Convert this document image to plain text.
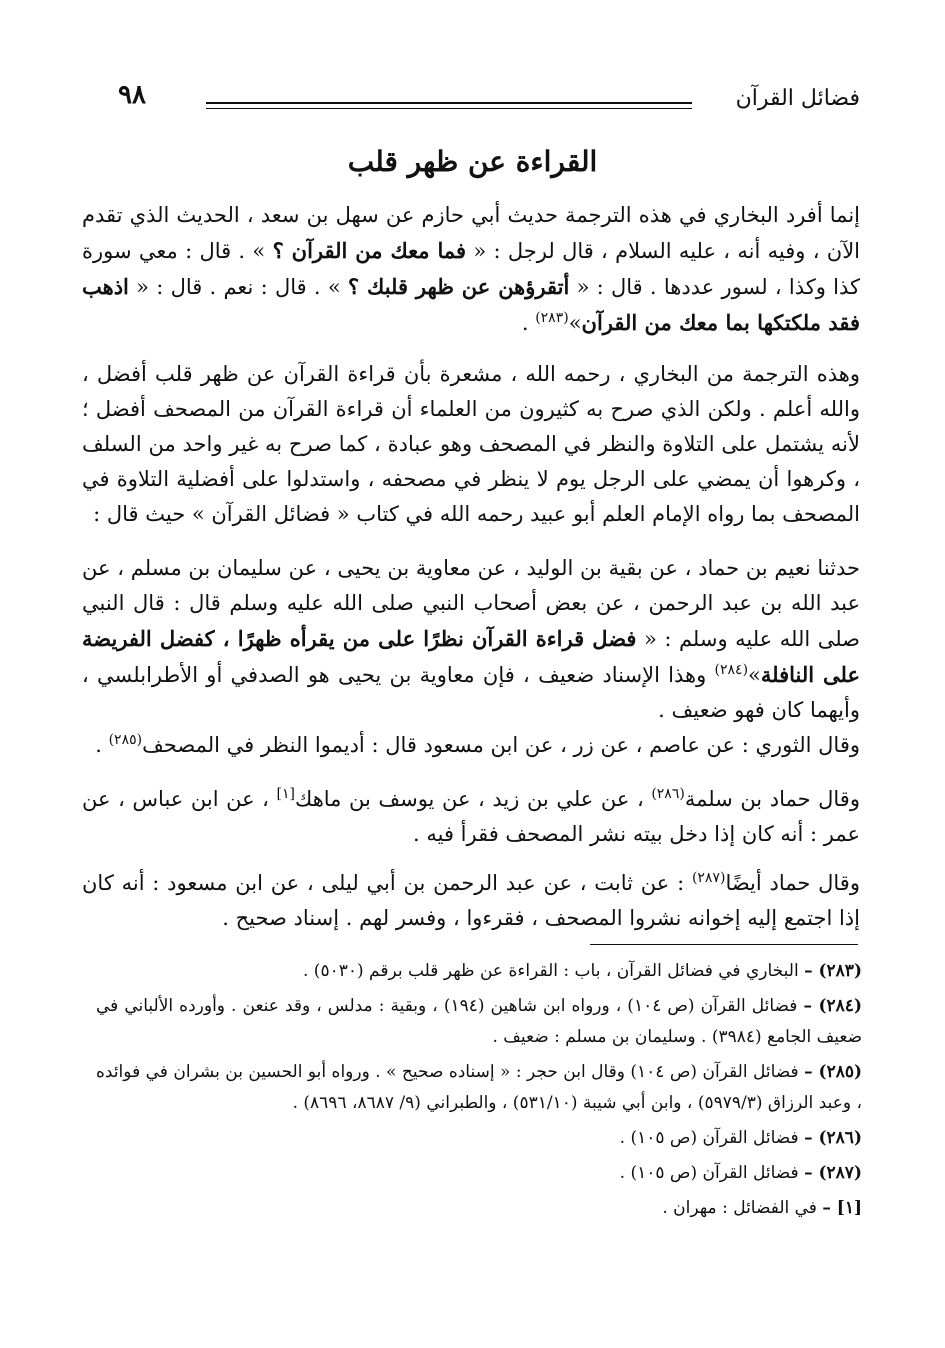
٩٨	فضائل القرآن
القراءة عن ظهر قلب
إنما أفرد البخاري في هذه الترجمة حديث أبي حازم عن سهل بن سعد ، الحديث الذي تقدم الآن ، وفيه أنه ، عليه السلام ، قال لرجل : « فما معك من القرآن ؟ » . قال : معي سورة كذا وكذا ، لسور عددها . قال : « أتقرؤهن عن ظهر قلبك ؟ » . قال : نعم . قال : « اذهب فقد ملكتكها بما معك من القرآن»$^{(٢٨٣)}$ .
وهذه الترجمة من البخاري ، رحمه الله ، مشعرة بأن قراءة القرآن عن ظهر قلب أفضل ، والله أعلم . ولكن الذي صرح به كثيرون من العلماء أن قراءة القرآن من المصحف أفضل ؛ لأنه يشتمل على التلاوة والنظر في المصحف وهو عبادة ، كما صرح به غير واحد من السلف ، وكرهوا أن يمضي على الرجل يوم لا ينظر في مصحفه ، واستدلوا على أفضلية التلاوة في المصحف بما رواه الإمام العلم أبو عبيد رحمه الله في كتاب « فضائل القرآن » حيث قال :
حدثنا نعيم بن حماد ، عن بقية بن الوليد ، عن معاوية بن يحيى ، عن سليمان بن مسلم ، عن عبد الله بن عبد الرحمن ، عن بعض أصحاب النبي صلى الله عليه وسلم قال : قال النبي صلى الله عليه وسلم : « فضل قراءة القرآن نظرًا على من يقرأه ظهرًا ، كفضل الفريضة على النافلة»$^{(٢٨٤)}$ وهذا الإسناد ضعيف ، فإن معاوية بن يحيى هو الصدفي أو الأطرابلسي ، وأيهما كان فهو ضعيف .
وقال الثوري : عن عاصم ، عن زر ، عن ابن مسعود قال : أديموا النظر في المصحف$^{(٢٨٥)}$ .
وقال حماد بن سلمة$^{(٢٨٦)}$ ، عن علي بن زيد ، عن يوسف بن ماهك[١] ، عن ابن عباس ، عن عمر : أنه كان إذا دخل بيته نشر المصحف فقرأ فيه .
وقال حماد أيضًا$^{(٢٨٧)}$ : عن ثابت ، عن عبد الرحمن بن أبي ليلى ، عن ابن مسعود : أنه كان إذا اجتمع إليه إخوانه نشروا المصحف ، فقرءوا ، وفسر لهم . إسناد صحيح .

(٢٨٣) – البخاري في فضائل القرآن ، باب : القراءة عن ظهر قلب برقم (٥٠٣٠) .

(٢٨٤) – فضائل القرآن (ص ١٠٤) ، ورواه ابن شاهين (١٩٤) ، وبقية : مدلس ، وقد عنعن . وأورده الألباني في ضعيف الجامع (٣٩٨٤) . وسليمان بن مسلم : ضعيف .

(٢٨٥) – فضائل القرآن (ص ١٠٤) وقال ابن حجر : « إسناده صحيح » . ورواه أبو الحسين بن بشران في فوائده ، وعبد الرزاق (٥٩٧٩/٣) ، وابن أبي شيبة (٥٣١/١٠) ، والطبراني (٩/ ٨٦٨٧، ٨٦٩٦) .

(٢٨٦) – فضائل القرآن (ص ١٠٥) .

(٢٨٧) – فضائل القرآن (ص ١٠٥) .

[١] – في الفضائل : مهران .
